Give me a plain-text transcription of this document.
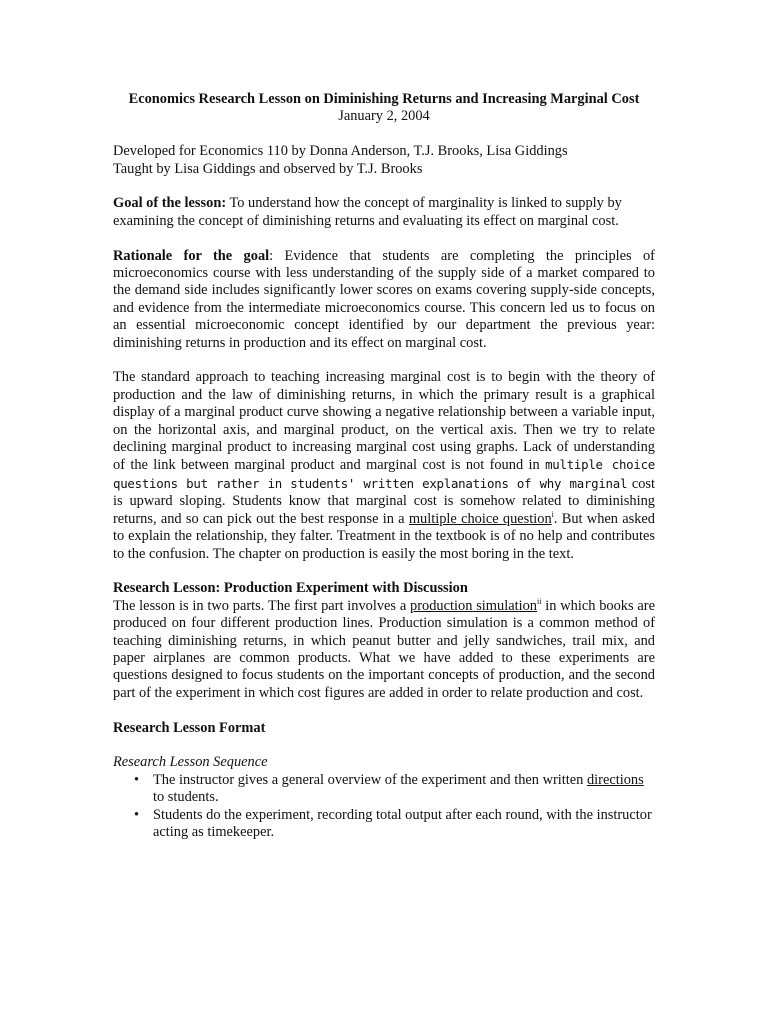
Economics Research Lesson on Diminishing Returns and Increasing Marginal Cost

January 2, 2004

Developed for Economics 110 by Donna Anderson, T.J. Brooks, Lisa Giddings

Taught by Lisa Giddings and observed by T.J. Brooks

Goal of the lesson: To understand how the concept of marginality is linked to supply by examining the concept of diminishing returns and evaluating its effect on marginal cost.

Rationale for the goal: Evidence that students are completing the principles of microeconomics course with less understanding of the supply side of a market compared to the demand side includes significantly lower scores on exams covering supply-side concepts, and evidence from the intermediate microeconomics course. This concern led us to focus on an essential microeconomic concept identified by our department the previous year: diminishing returns in production and its effect on marginal cost.

The standard approach to teaching increasing marginal cost is to begin with the theory of production and the law of diminishing returns, in which the primary result is a graphical display of a marginal product curve showing a negative relationship between a variable input, on the horizontal axis, and marginal product, on the vertical axis. Then we try to relate declining marginal product to increasing marginal cost using graphs. Lack of understanding of the link between marginal product and marginal cost is not found in multiple choice questions but rather in students' written explanations of why marginal cost is upward sloping. Students know that marginal cost is somehow related to diminishing returns, and so can pick out the best response in a multiple choice question$^i$. But when asked to explain the relationship, they falter. Treatment in the textbook is of no help and contributes to the confusion. The chapter on production is easily the most boring in the text.

Research Lesson: Production Experiment with Discussion

The lesson is in two parts. The first part involves a production simulation$^{ii}$ in which books are produced on four different production lines. Production simulation is a common method of teaching diminishing returns, in which peanut butter and jelly sandwiches, trail mix, and paper airplanes are common products. What we have added to these experiments are questions designed to focus students on the important concepts of production, and the second part of the experiment in which cost figures are added in order to relate production and cost.

Research Lesson Format

Research Lesson Sequence

• The instructor gives a general overview of the experiment and then written directions to students.
• Students do the experiment, recording total output after each round, with the instructor acting as timekeeper.
